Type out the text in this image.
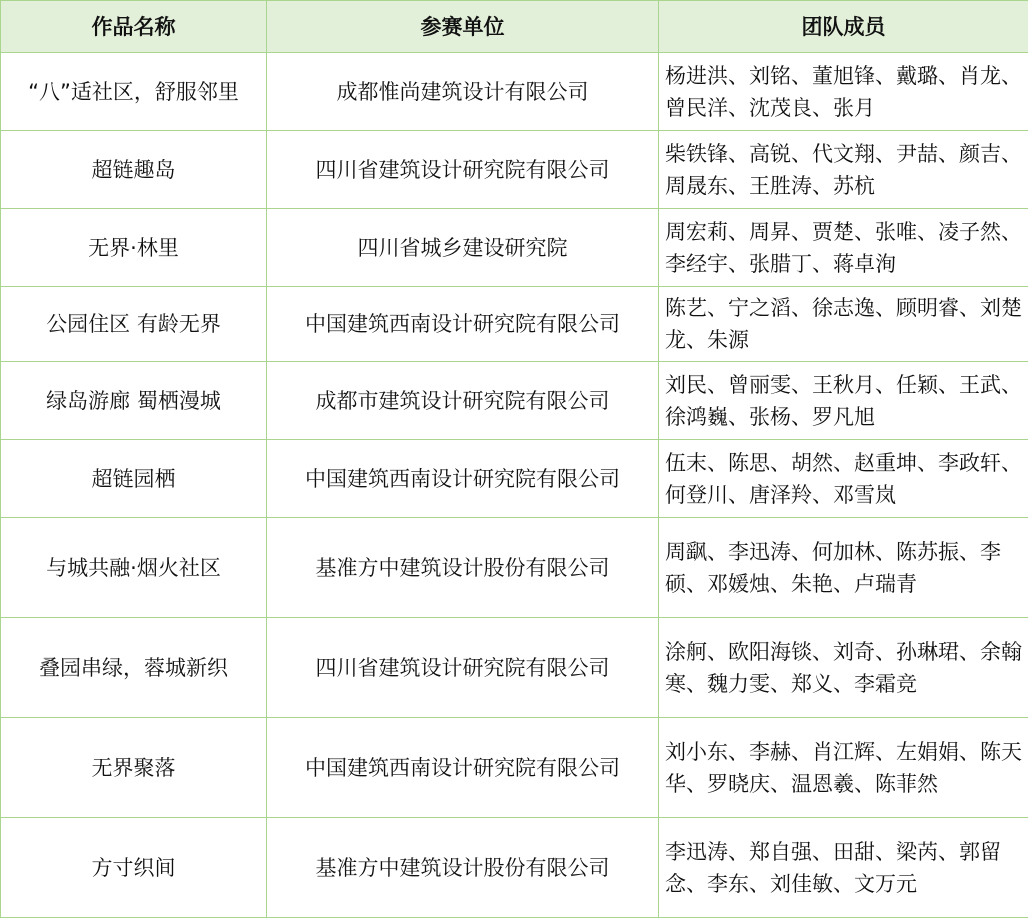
作品名称	参赛单位	团队成员
“八”适社区，舒服邻里	成都惟尚建筑设计有限公司	杨进洪、刘铭、董旭锋、戴璐、肖龙、曾民洋、沈茂良、张月
超链趣岛	四川省建筑设计研究院有限公司	柴铁锋、高锐、代文翔、尹喆、颜吉、周晟东、王胜涛、苏杭
无界·林里	四川省城乡建设研究院	周宏莉、周昇、贾楚、张唯、凌子然、李经宇、张腊丁、蒋卓洵
公园住区 有龄无界	中国建筑西南设计研究院有限公司	陈艺、宁之滔、徐志逸、顾明睿、刘楚龙、朱源
绿岛游廊 蜀栖漫城	成都市建筑设计研究院有限公司	刘民、曾丽雯、王秋月、任颖、王武、徐鸿巍、张杨、罗凡旭
超链园栖	中国建筑西南设计研究院有限公司	伍末、陈思、胡然、赵重坤、李政轩、何登川、唐泽羚、邓雪岚
与城共融·烟火社区	基准方中建筑设计股份有限公司	周飖、李迅涛、何加林、陈苏振、李硕、邓媛烛、朱艳、卢瑞青
叠园串绿，蓉城新织	四川省建筑设计研究院有限公司	涂舸、欧阳海锬、刘奇、孙琳珺、余翰寒、魏力雯、郑义、李霜竞
无界聚落	中国建筑西南设计研究院有限公司	刘小东、李赫、肖江辉、左娟娟、陈天华、罗晓庆、温恩羲、陈菲然
方寸织间	基准方中建筑设计股份有限公司	李迅涛、郑自强、田甜、梁芮、郭留念、李东、刘佳敏、文万元
